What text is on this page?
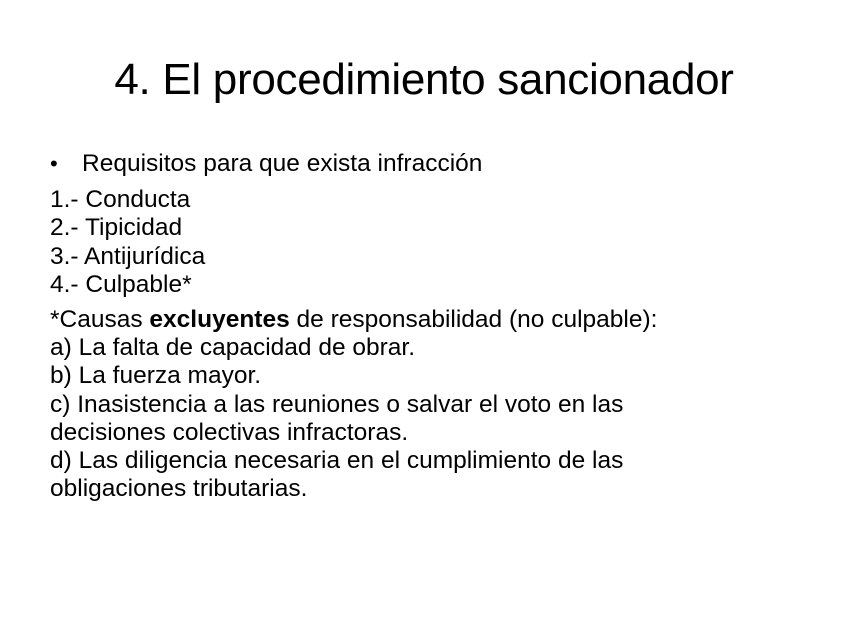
4. El procedimiento sancionador
• Requisitos para que exista infracción
1.- Conducta
2.- Tipicidad
3.- Antijurídica
4.- Culpable*
*Causas excluyentes de responsabilidad (no culpable):
a) La falta de capacidad de obrar.
b) La fuerza mayor.
c) Inasistencia a las reuniones o salvar el voto en las decisiones colectivas infractoras.
d) Las diligencia necesaria en el cumplimiento de las obligaciones tributarias.
